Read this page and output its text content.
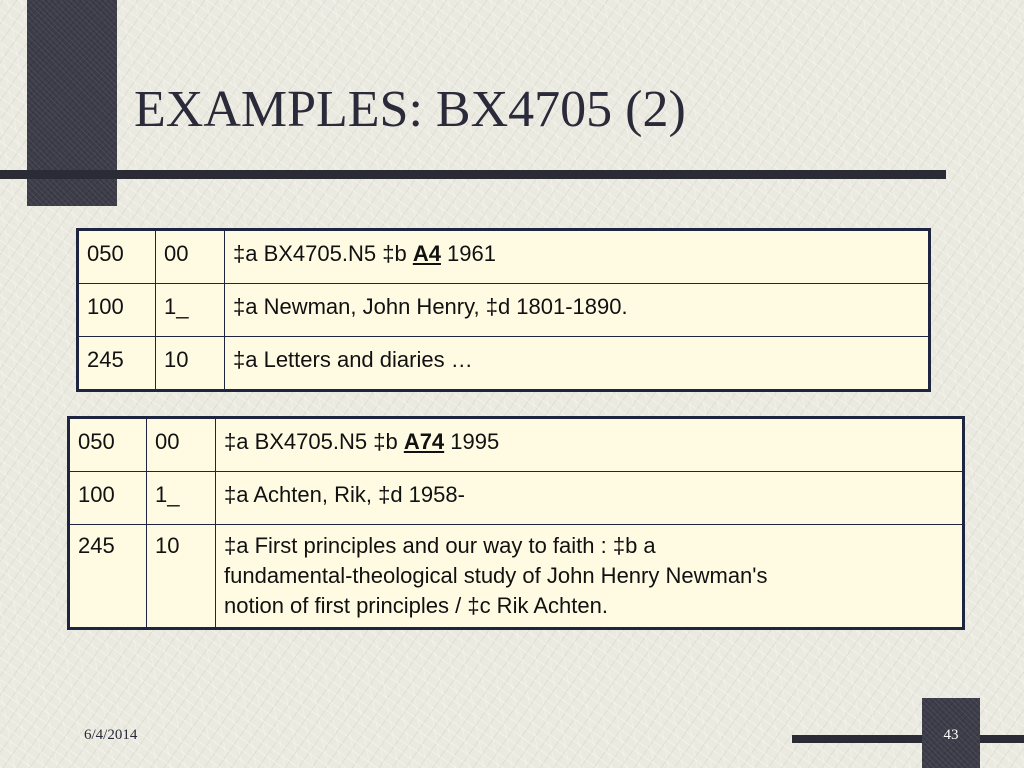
EXAMPLES: BX4705 (2)
050	00	‡a BX4705.N5 ‡b A4 1961
100	1_	‡a Newman, John Henry, ‡d 1801-1890.
245	10	‡a Letters and diaries …
050	00	‡a BX4705.N5 ‡b A74 1995
100	1_	‡a Achten, Rik, ‡d 1958-
245	10	‡a First principles and our way to faith : ‡b a
fundamental-theological study of John Henry Newman's
notion of first principles / ‡c Rik Achten.
6/4/2014	43
